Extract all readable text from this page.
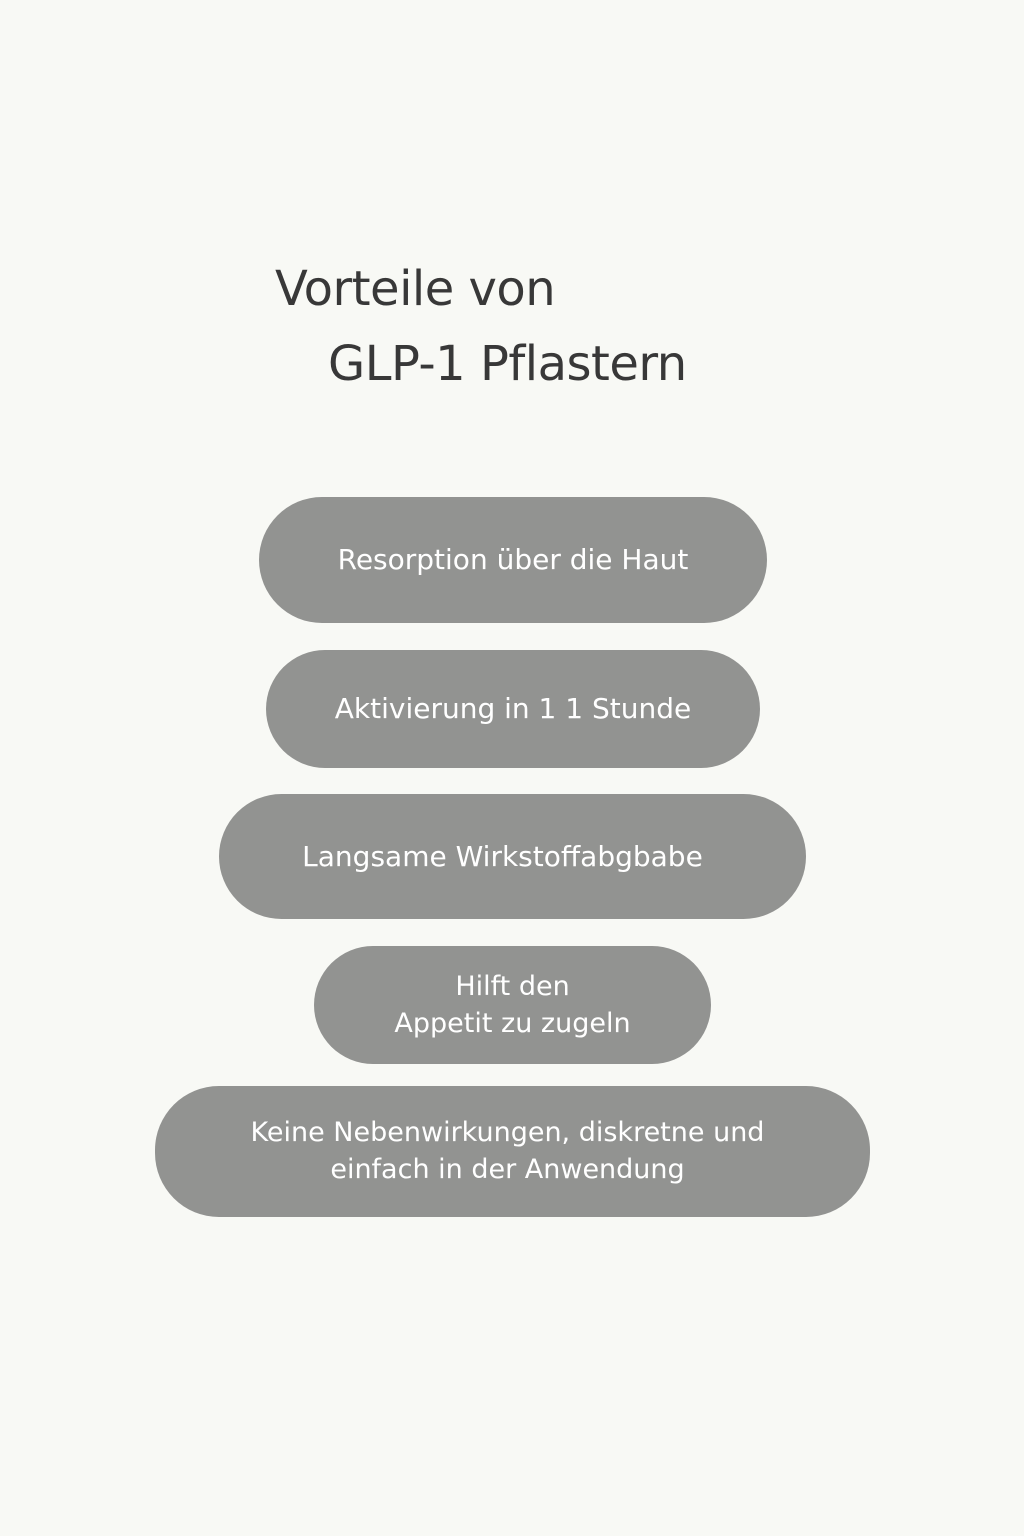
Vorteile von
GLP-1 Pflastern
Resorption über die Haut
Aktivierung in 1 1 Stunde
Langsame Wirkstoffabgbabe
Hilft den
Appetit zu zugeln
Keine Nebenwirkungen, diskretne und
einfach in der Anwendung
